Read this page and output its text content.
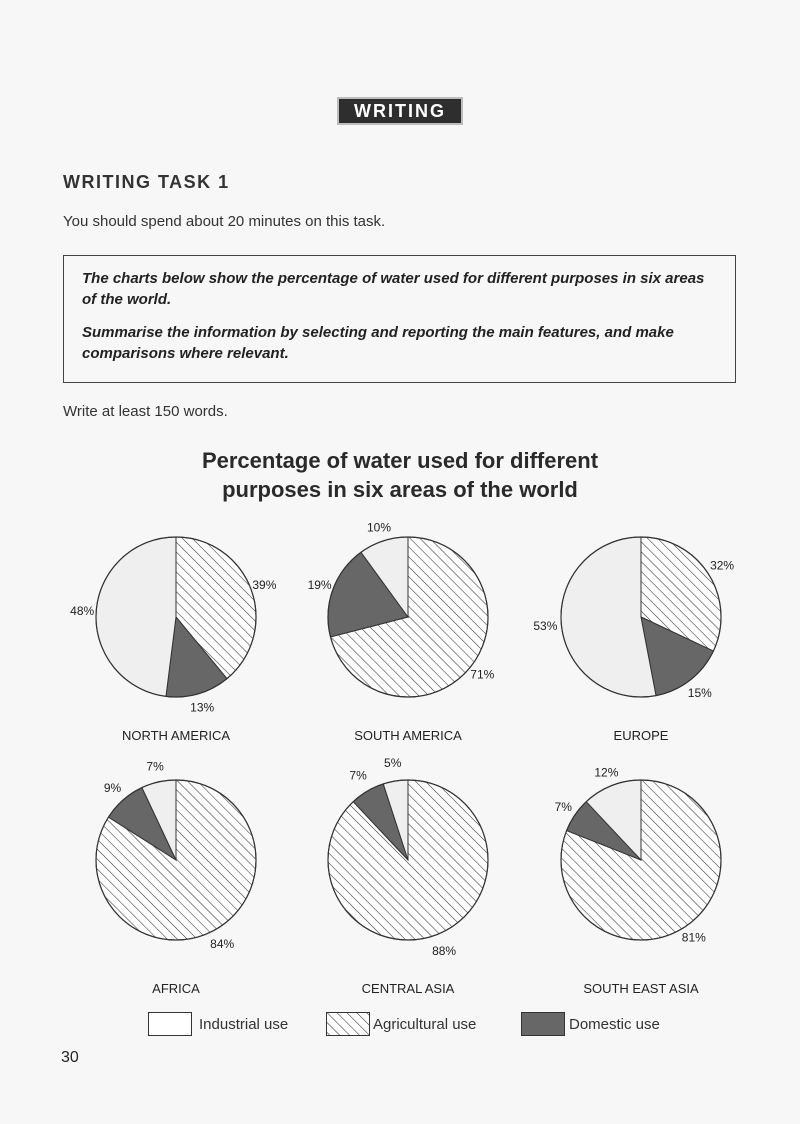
WRITING
WRITING TASK 1
You should spend about 20 minutes on this task.

The charts below show the percentage of water used for different purposes in six areas of the world.

Summarise the information by selecting and reporting the main features, and make comparisons where relevant.

Write at least 150 words.
Percentage of water used for different
purposes in six areas of the world
39%
13%
48%
NORTH AMERICA
71%
19%
10%
SOUTH AMERICA
32%
15%
53%
EUROPE
84%
9%
7%
AFRICA
88%
7%
5%
CENTRAL ASIA
81%
7%
12%
SOUTH EAST ASIA
Industrial use	Agricultural use	Domestic use
30
